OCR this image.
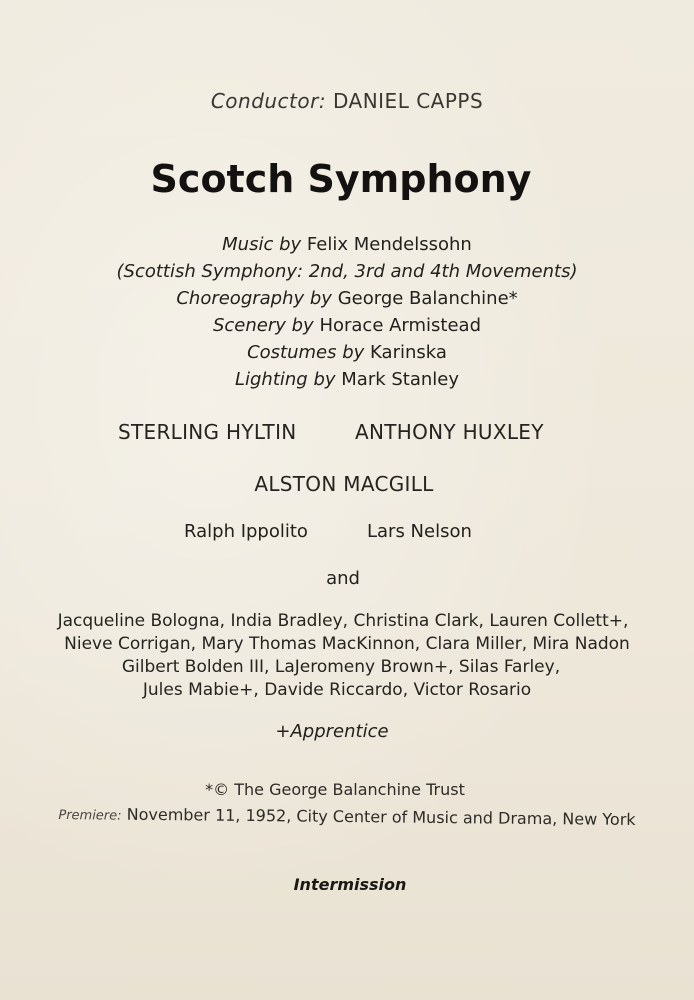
Conductor: DANIEL CAPPS
Scotch Symphony
Music by Felix Mendelssohn
(Scottish Symphony: 2nd, 3rd and 4th Movements)
Choreography by George Balanchine*
Scenery by Horace Armistead
Costumes by Karinska
Lighting by Mark Stanley
STERLING HYLTIN	ANTHONY HUXLEY
ALSTON MACGILL
Ralph Ippolito	Lars Nelson
and
Jacqueline Bologna, India Bradley, Christina Clark, Lauren Collett+,
Nieve Corrigan, Mary Thomas MacKinnon, Clara Miller, Mira Nadon
Gilbert Bolden III, LaJeromeny Brown+, Silas Farley,
Jules Mabie+, Davide Riccardo, Victor Rosario
+Apprentice
*© The George Balanchine Trust
Premiere: November 11, 1952, City Center of Music and Drama, New York
Intermission
